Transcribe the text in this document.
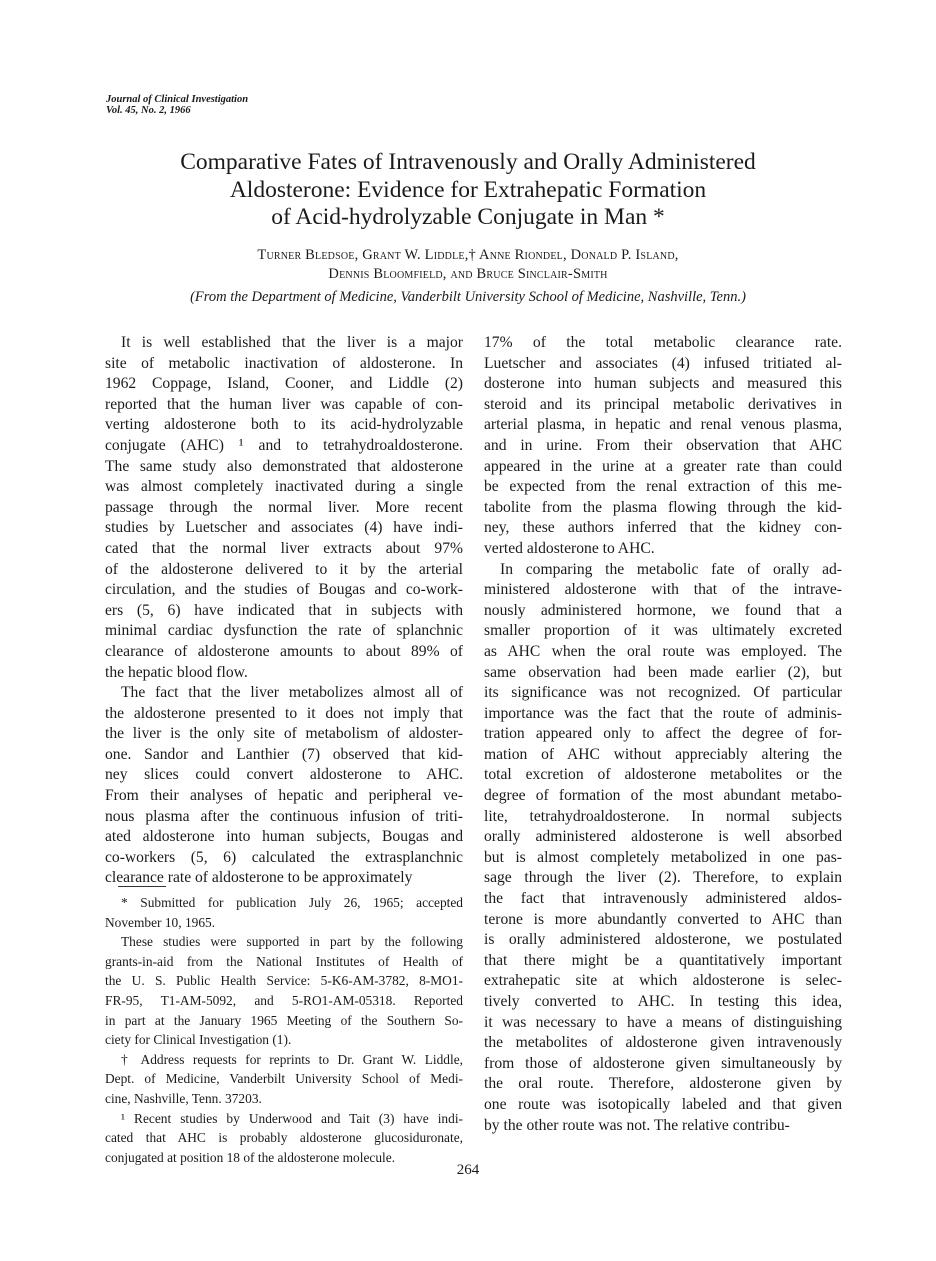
Journal of Clinical Investigation
Vol. 45, No. 2, 1966
Comparative Fates of Intravenously and Orally Administered
Aldosterone: Evidence for Extrahepatic Formation
of Acid-hydrolyzable Conjugate in Man *
Turner Bledsoe, Grant W. Liddle,† Anne Riondel, Donald P. Island,
Dennis Bloomfield, and Bruce Sinclair-Smith
(From the Department of Medicine, Vanderbilt University School of Medicine, Nashville, Tenn.)
It is well established that the liver is a major
site of metabolic inactivation of aldosterone. In
1962 Coppage, Island, Cooner, and Liddle (2)
reported that the human liver was capable of con-
verting aldosterone both to its acid-hydrolyzable
conjugate (AHC) ¹ and to tetrahydroaldosterone.
The same study also demonstrated that aldosterone
was almost completely inactivated during a single
passage through the normal liver. More recent
studies by Luetscher and associates (4) have indi-
cated that the normal liver extracts about 97%
of the aldosterone delivered to it by the arterial
circulation, and the studies of Bougas and co-work-
ers (5, 6) have indicated that in subjects with
minimal cardiac dysfunction the rate of splanchnic
clearance of aldosterone amounts to about 89% of
the hepatic blood flow.
The fact that the liver metabolizes almost all of
the aldosterone presented to it does not imply that
the liver is the only site of metabolism of aldoster-
one. Sandor and Lanthier (7) observed that kid-
ney slices could convert aldosterone to AHC.
From their analyses of hepatic and peripheral ve-
nous plasma after the continuous infusion of triti-
ated aldosterone into human subjects, Bougas and
co-workers (5, 6) calculated the extrasplanchnic
clearance rate of aldosterone to be approximately
17% of the total metabolic clearance rate.
Luetscher and associates (4) infused tritiated al-
dosterone into human subjects and measured this
steroid and its principal metabolic derivatives in
arterial plasma, in hepatic and renal venous plasma,
and in urine. From their observation that AHC
appeared in the urine at a greater rate than could
be expected from the renal extraction of this me-
tabolite from the plasma flowing through the kid-
ney, these authors inferred that the kidney con-
verted aldosterone to AHC.
In comparing the metabolic fate of orally ad-
ministered aldosterone with that of the intrave-
nously administered hormone, we found that a
smaller proportion of it was ultimately excreted
as AHC when the oral route was employed. The
same observation had been made earlier (2), but
its significance was not recognized. Of particular
importance was the fact that the route of adminis-
tration appeared only to affect the degree of for-
mation of AHC without appreciably altering the
total excretion of aldosterone metabolites or the
degree of formation of the most abundant metabo-
lite, tetrahydroaldosterone. In normal subjects
orally administered aldosterone is well absorbed
but is almost completely metabolized in one pas-
sage through the liver (2). Therefore, to explain
the fact that intravenously administered aldos-
terone is more abundantly converted to AHC than
is orally administered aldosterone, we postulated
that there might be a quantitatively important
extrahepatic site at which aldosterone is selec-
tively converted to AHC. In testing this idea,
it was necessary to have a means of distinguishing
the metabolites of aldosterone given intravenously
from those of aldosterone given simultaneously by
the oral route. Therefore, aldosterone given by
one route was isotopically labeled and that given
by the other route was not. The relative contribu-
* Submitted for publication July 26, 1965; accepted
November 10, 1965.
These studies were supported in part by the following
grants-in-aid from the National Institutes of Health of
the U. S. Public Health Service: 5-K6-AM-3782, 8-MO1-
FR-95, T1-AM-5092, and 5-RO1-AM-05318. Reported
in part at the January 1965 Meeting of the Southern So-
ciety for Clinical Investigation (1).
† Address requests for reprints to Dr. Grant W. Liddle,
Dept. of Medicine, Vanderbilt University School of Medi-
cine, Nashville, Tenn. 37203.
¹ Recent studies by Underwood and Tait (3) have indi-
cated that AHC is probably aldosterone glucosiduronate,
conjugated at position 18 of the aldosterone molecule.
264
